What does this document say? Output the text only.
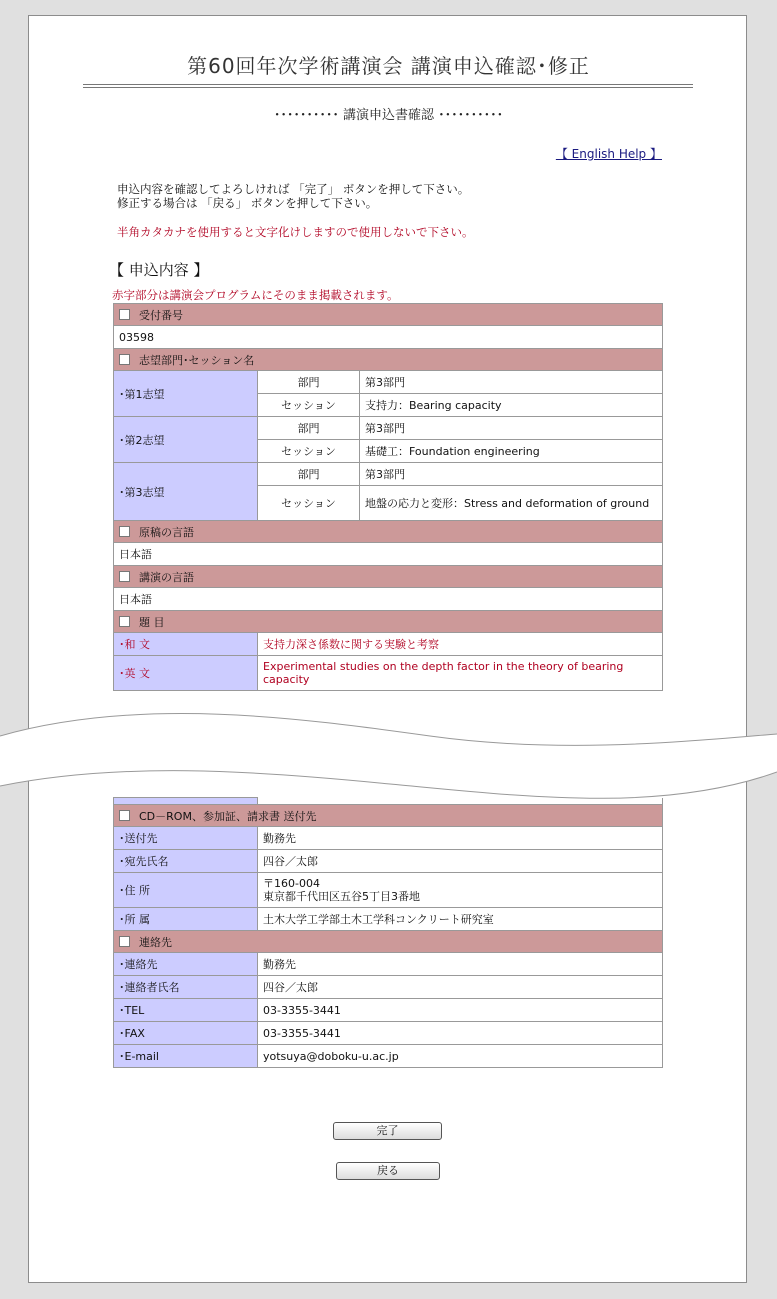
第60回年次学術講演会 講演申込確認･修正
･･････････ 講演申込書確認 ･･････････
【 English Help 】
申込内容を確認してよろしければ 「完了」 ボタンを押して下さい。
修正する場合は 「戻る」 ボタンを押して下さい。
半角カタカナを使用すると文字化けしますので使用しないで下さい。
【 申込内容 】
赤字部分は講演会プログラムにそのまま掲載されます。
受付番号		
03598		
志望部門･セッション名		
･第1志望	部門	第3部門
	セッション	支持力：Bearing capacity
･第2志望	部門	第3部門
	セッション	基礎工：Foundation engineering
･第3志望	部門	第3部門
	セッション	地盤の応力と変形：Stress and deformation of ground
原稿の言語		
日本語		
講演の言語		
日本語		
題 目		
･和 文	支持力深さ係数に関する実験と考察	
･英 文	Experimental studies on the depth factor in the theory of bearing capacity	

CD－ROM、参加証、請求書 送付先	
･送付先	勤務先
･宛先氏名	四谷／太郎
･住 所	〒160-004
東京都千代田区五谷5丁目3番地

･所 属	土木大学工学部土木工学科コンクリート研究室
連絡先	
･連絡先	勤務先
･連絡者氏名	四谷／太郎
･TEL	03-3355-3441
･FAX	03-3355-3441
･E-mail	yotsuya@doboku-u.ac.jp
完了
戻る
